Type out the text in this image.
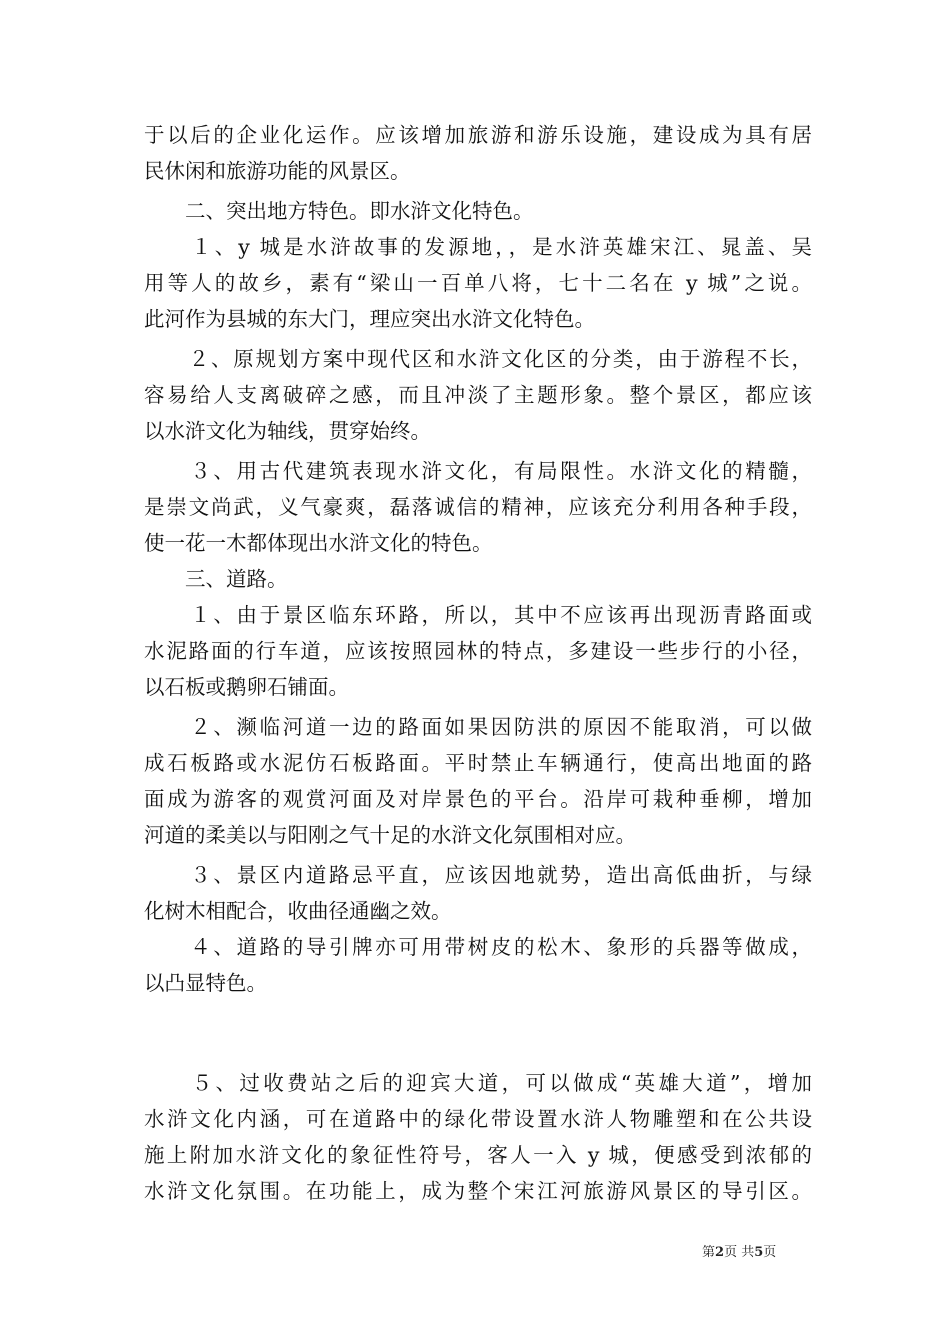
于以后的企业化运作。应该增加旅游和游乐设施，建设成为具有居
民休闲和旅游功能的风景区。
　　二、突出地方特色。即水浒文化特色。
　　１、y 城是水浒故事的发源地，，是水浒英雄宋江、晁盖、吴
用等人的故乡，素有“梁山一百单八将，七十二名在 y 城”之说。
此河作为县城的东大门，理应突出水浒文化特色。
　　２、原规划方案中现代区和水浒文化区的分类，由于游程不长，
容易给人支离破碎之感，而且冲淡了主题形象。整个景区，都应该
以水浒文化为轴线，贯穿始终。
　　３、用古代建筑表现水浒文化，有局限性。水浒文化的精髓，
是崇文尚武，义气豪爽，磊落诚信的精神，应该充分利用各种手段，
使一花一木都体现出水浒文化的特色。
　　三、道路。
　　１、由于景区临东环路，所以，其中不应该再出现沥青路面或
水泥路面的行车道，应该按照园林的特点，多建设一些步行的小径，
以石板或鹅卵石铺面。
　　２、濒临河道一边的路面如果因防洪的原因不能取消，可以做
成石板路或水泥仿石板路面。平时禁止车辆通行，使高出地面的路
面成为游客的观赏河面及对岸景色的平台。沿岸可栽种垂柳，增加
河道的柔美以与阳刚之气十足的水浒文化氛围相对应。
　　３、景区内道路忌平直，应该因地就势，造出高低曲折，与绿
化树木相配合，收曲径通幽之效。
　　４、道路的导引牌亦可用带树皮的松木、象形的兵器等做成，
以凸显特色。
　　５、过收费站之后的迎宾大道，可以做成“英雄大道”，增加
水浒文化内涵，可在道路中的绿化带设置水浒人物雕塑和在公共设
施上附加水浒文化的象征性符号，客人一入 y 城，便感受到浓郁的
水浒文化氛围。在功能上，成为整个宋江河旅游风景区的导引区。
第2页 共5页
